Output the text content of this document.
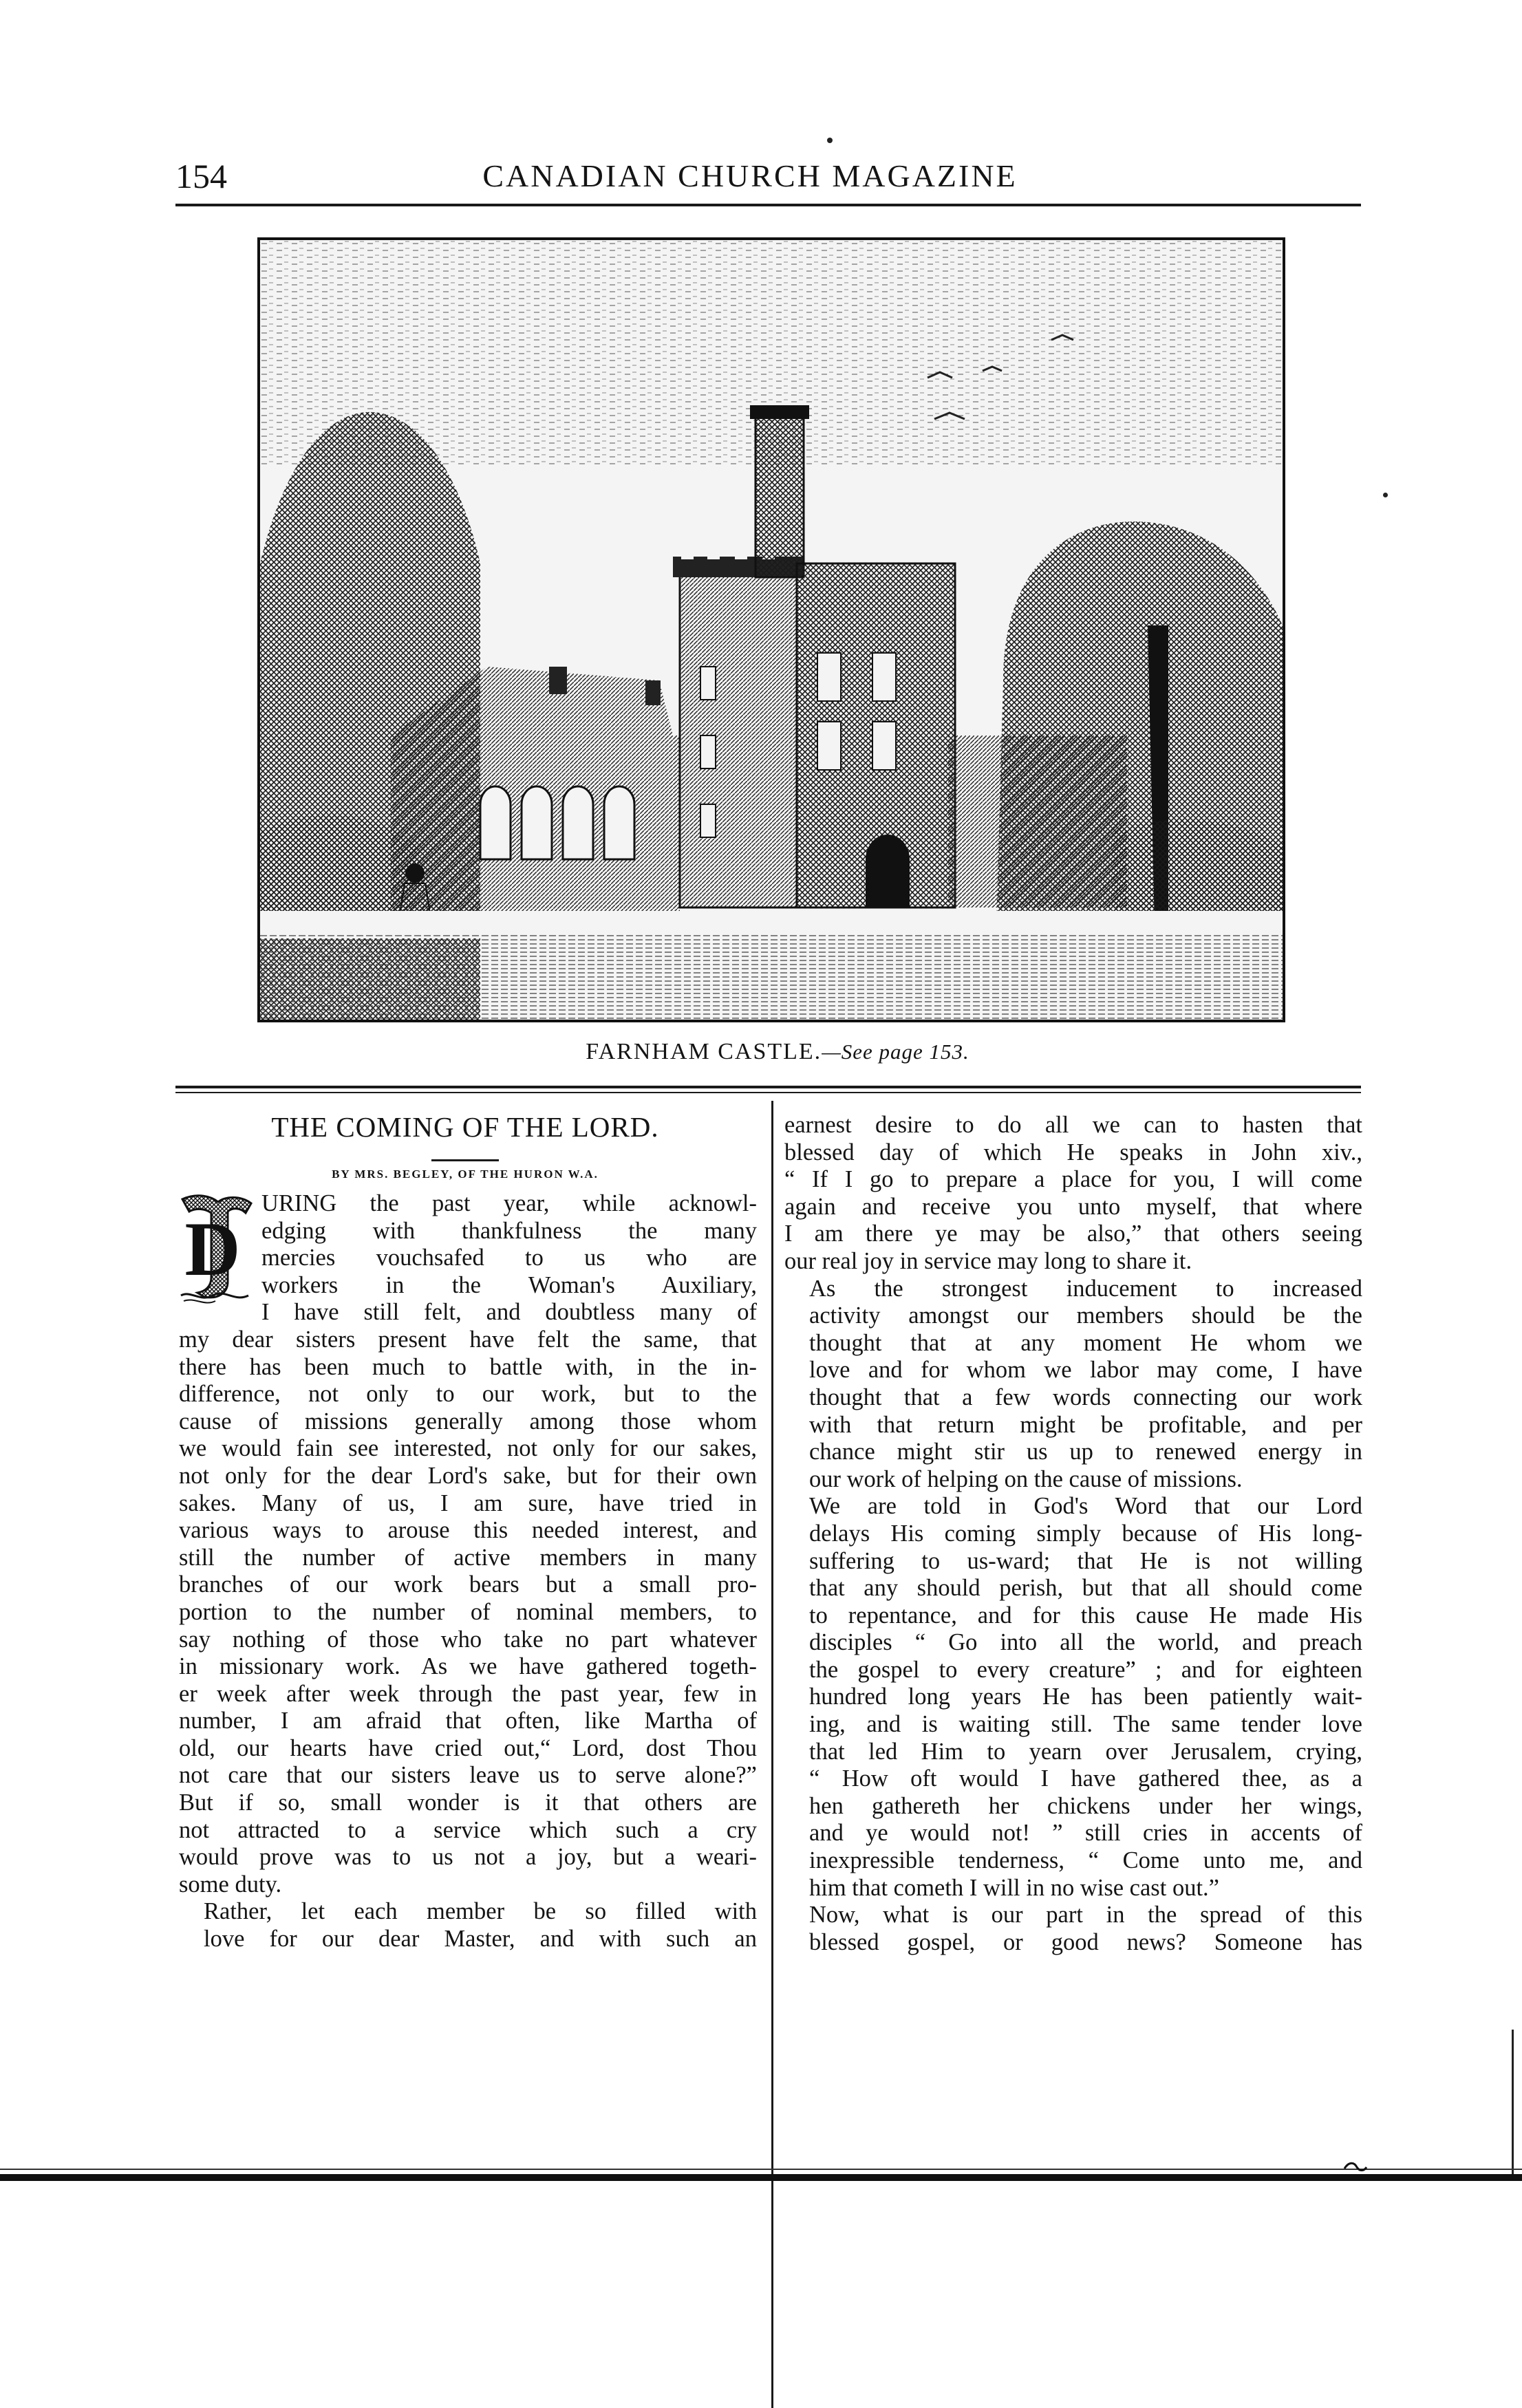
154	CANADIAN CHURCH MAGAZINE
FARNHAM CASTLE.—See page 153.
THE COMING OF THE LORD.
BY MRS. BEGLEY, OF THE HURON W.A.
D
URING the past year, while acknowl-
edging with thankfulness the many
mercies vouchsafed to us who are
workers in the Woman's Auxiliary,
I have still felt, and doubtless many of
my dear sisters present have felt the same, that
there has been much to battle with, in the in-
difference, not only to our work, but to the
cause of missions generally among those whom
we would fain see interested, not only for our sakes,
not only for the dear Lord's sake, but for their own
sakes. Many of us, I am sure, have tried in
various ways to arouse this needed interest, and
still the number of active members in many
branches of our work bears but a small pro-
portion to the number of nominal members, to
say nothing of those who take no part whatever
in missionary work. As we have gathered togeth-
er week after week through the past year, few in
number, I am afraid that often, like Martha of
old, our hearts have cried out,“ Lord, dost Thou
not care that our sisters leave us to serve alone?”
But if so, small wonder is it that others are
not attracted to a service which such a cry
would prove was to us not a joy, but a weari-
some duty.
Rather, let each member be so filled with
love for our dear Master, and with such an
earnest desire to do all we can to hasten that
blessed day of which He speaks in John xiv.,
“ If I go to prepare a place for you, I will come
again and receive you unto myself, that where
I am there ye may be also,” that others seeing
our real joy in service may long to share it.
As the strongest inducement to increased
activity amongst our members should be the
thought that at any moment He whom we
love and for whom we labor may come, I have
thought that a few words connecting our work
with that return might be profitable, and per
chance might stir us up to renewed energy in
our work of helping on the cause of missions.
We are told in God's Word that our Lord
delays His coming simply because of His long-
suffering to us-ward; that He is not willing
that any should perish, but that all should come
to repentance, and for this cause He made His
disciples “ Go into all the world, and preach
the gospel to every creature” ; and for eighteen
hundred long years He has been patiently wait-
ing, and is waiting still. The same tender love
that led Him to yearn over Jerusalem, crying,
“ How oft would I have gathered thee, as a
hen gathereth her chickens under her wings,
and ye would not! ” still cries in accents of
inexpressible tenderness, “ Come unto me, and
him that cometh I will in no wise cast out.”
Now, what is our part in the spread of this
blessed gospel, or good news? Someone has
